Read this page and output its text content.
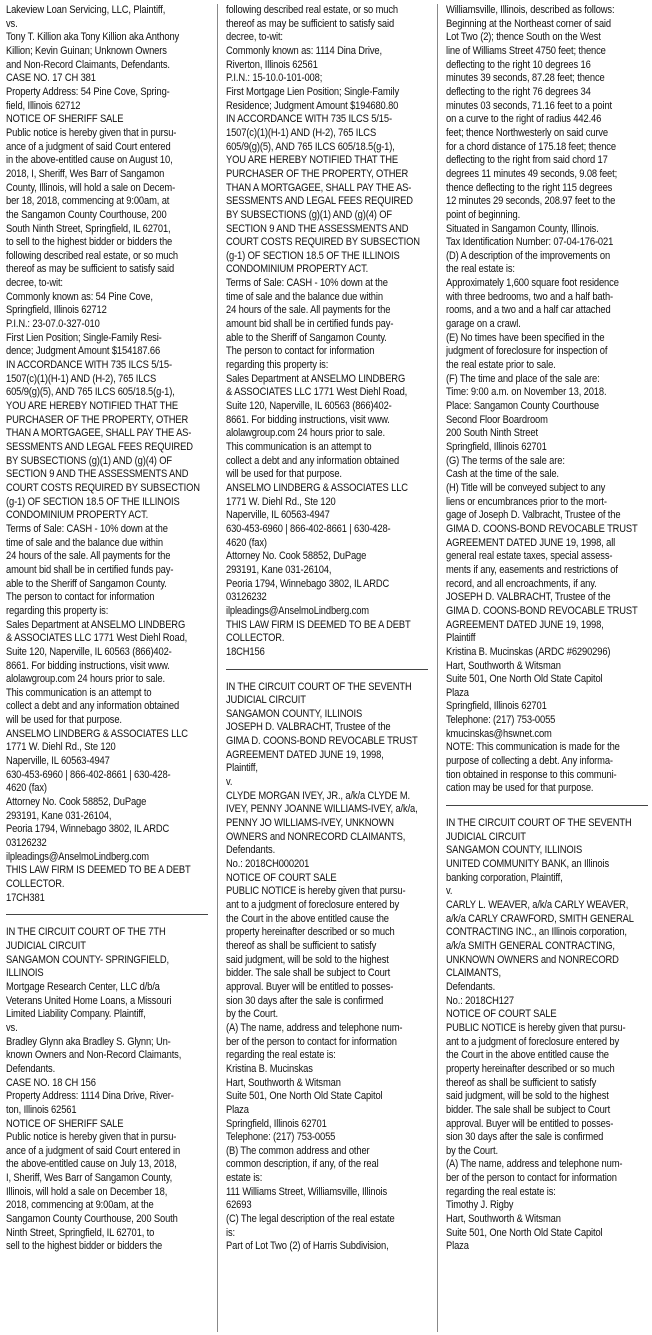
Lakeview Loan Servicing, LLC, Plaintiff,
vs.
Tony T. Killion aka Tony Killion aka Anthony
Killion; Kevin Guinan; Unknown Owners
and Non-Record Claimants, Defendants.
CASE NO. 17 CH 381
Property Address: 54 Pine Cove, Spring-
field, Illinois 62712
NOTICE OF SHERIFF SALE
Public notice is hereby given that in pursu-
ance of a judgment of said Court entered
in the above-entitled cause on August 10,
2018, I, Sheriff, Wes Barr of Sangamon
County, Illinois, will hold a sale on Decem-
ber 18, 2018, commencing at 9:00am, at
the Sangamon County Courthouse, 200
South Ninth Street, Springfield, IL 62701,
to sell to the highest bidder or bidders the
following described real estate, or so much
thereof as may be sufficient to satisfy said
decree, to-wit:
Commonly known as: 54 Pine Cove,
Springfield, Illinois 62712
P.I.N.: 23-07.0-327-010
First Lien Position; Single-Family Resi-
dence; Judgment Amount $154187.66
IN ACCORDANCE WITH 735 ILCS 5/15-
1507(c)(1)(H-1) AND (H-2), 765 ILCS
605/9(g)(5), AND 765 ILCS 605/18.5(g-1),
YOU ARE HEREBY NOTIFIED THAT THE
PURCHASER OF THE PROPERTY, OTHER
THAN A MORTGAGEE, SHALL PAY THE AS-
SESSMENTS AND LEGAL FEES REQUIRED
BY SUBSECTIONS (g)(1) AND (g)(4) OF
SECTION 9 AND THE ASSESSMENTS AND
COURT COSTS REQUIRED BY SUBSECTION
(g-1) OF SECTION 18.5 OF THE ILLINOIS
CONDOMINIUM PROPERTY ACT.
Terms of Sale: CASH - 10% down at the
time of sale and the balance due within
24 hours of the sale. All payments for the
amount bid shall be in certified funds pay-
able to the Sheriff of Sangamon County.
The person to contact for information
regarding this property is:
Sales Department at ANSELMO LINDBERG
& ASSOCIATES LLC 1771 West Diehl Road,
Suite 120, Naperville, IL 60563 (866)402-
8661. For bidding instructions, visit www.
alolawgroup.com 24 hours prior to sale.
This communication is an attempt to
collect a debt and any information obtained
will be used for that purpose.
ANSELMO LINDBERG & ASSOCIATES LLC
1771 W. Diehl Rd., Ste 120
Naperville, IL 60563-4947
630-453-6960 | 866-402-8661 | 630-428-
4620 (fax)
Attorney No. Cook 58852, DuPage
293191, Kane 031-26104,
Peoria 1794, Winnebago 3802, IL ARDC
03126232
ilpleadings@AnselmoLindberg.com
THIS LAW FIRM IS DEEMED TO BE A DEBT
COLLECTOR.
17CH381
IN THE CIRCUIT COURT OF THE 7TH
JUDICIAL CIRCUIT
SANGAMON COUNTY- SPRINGFIELD,
ILLINOIS
Mortgage Research Center, LLC d/b/a
Veterans United Home Loans, a Missouri
Limited Liability Company. Plaintiff,
vs.
Bradley Glynn aka Bradley S. Glynn; Un-
known Owners and Non-Record Claimants,
Defendants.
CASE NO. 18 CH 156
Property Address: 1114 Dina Drive, River-
ton, Illinois 62561
NOTICE OF SHERIFF SALE
Public notice is hereby given that in pursu-
ance of a judgment of said Court entered in
the above-entitled cause on July 13, 2018,
I, Sheriff, Wes Barr of Sangamon County,
Illinois, will hold a sale on December 18,
2018, commencing at 9:00am, at the
Sangamon County Courthouse, 200 South
Ninth Street, Springfield, IL 62701, to
sell to the highest bidder or bidders the
following described real estate, or so much
thereof as may be sufficient to satisfy said
decree, to-wit:
Commonly known as: 1114 Dina Drive,
Riverton, Illinois 62561
P.I.N.: 15-10.0-101-008;
First Mortgage Lien Position; Single-Family
Residence; Judgment Amount $194680.80
IN ACCORDANCE WITH 735 ILCS 5/15-
1507(c)(1)(H-1) AND (H-2), 765 ILCS
605/9(g)(5), AND 765 ILCS 605/18.5(g-1),
YOU ARE HEREBY NOTIFIED THAT THE
PURCHASER OF THE PROPERTY, OTHER
THAN A MORTGAGEE, SHALL PAY THE AS-
SESSMENTS AND LEGAL FEES REQUIRED
BY SUBSECTIONS (g)(1) AND (g)(4) OF
SECTION 9 AND THE ASSESSMENTS AND
COURT COSTS REQUIRED BY SUBSECTION
(g-1) OF SECTION 18.5 OF THE ILLINOIS
CONDOMINIUM PROPERTY ACT.
Terms of Sale: CASH - 10% down at the
time of sale and the balance due within
24 hours of the sale. All payments for the
amount bid shall be in certified funds pay-
able to the Sheriff of Sangamon County.
The person to contact for information
regarding this property is:
Sales Department at ANSELMO LINDBERG
& ASSOCIATES LLC 1771 West Diehl Road,
Suite 120, Naperville, IL 60563 (866)402-
8661. For bidding instructions, visit www.
alolawgroup.com 24 hours prior to sale.
This communication is an attempt to
collect a debt and any information obtained
will be used for that purpose.
ANSELMO LINDBERG & ASSOCIATES LLC
1771 W. Diehl Rd., Ste 120
Naperville, IL 60563-4947
630-453-6960 | 866-402-8661 | 630-428-
4620 (fax)
Attorney No. Cook 58852, DuPage
293191, Kane 031-26104,
Peoria 1794, Winnebago 3802, IL ARDC
03126232
ilpleadings@AnselmoLindberg.com
THIS LAW FIRM IS DEEMED TO BE A DEBT
COLLECTOR.
18CH156
IN THE CIRCUIT COURT OF THE SEVENTH
JUDICIAL CIRCUIT
SANGAMON COUNTY, ILLINOIS
JOSEPH D. VALBRACHT, Trustee of the
GIMA D. COONS-BOND REVOCABLE TRUST
AGREEMENT DATED JUNE 19, 1998,
Plaintiff,
v.
CLYDE MORGAN IVEY, JR., a/k/a CLYDE M.
IVEY, PENNY JOANNE WILLIAMS-IVEY, a/k/a,
PENNY JO WILLIAMS-IVEY, UNKNOWN
OWNERS and NONRECORD CLAIMANTS,
Defendants.
No.: 2018CH000201
NOTICE OF COURT SALE
PUBLIC NOTICE is hereby given that pursu-
ant to a judgment of foreclosure entered by
the Court in the above entitled cause the
property hereinafter described or so much
thereof as shall be sufficient to satisfy
said judgment, will be sold to the highest
bidder. The sale shall be subject to Court
approval. Buyer will be entitled to posses-
sion 30 days after the sale is confirmed
by the Court.
(A) The name, address and telephone num-
ber of the person to contact for information
regarding the real estate is:
Kristina B. Mucinskas
Hart, Southworth & Witsman
Suite 501, One North Old State Capitol
Plaza
Springfield, Illinois 62701
Telephone: (217) 753-0055
(B) The common address and other
common description, if any, of the real
estate is:
111 Williams Street, Williamsville, Illinois
62693
(C) The legal description of the real estate
is:
Part of Lot Two (2) of Harris Subdivision,
Williamsville, Illinois, described as follows:
Beginning at the Northeast corner of said
Lot Two (2); thence South on the West
line of Williams Street 4750 feet; thence
deflecting to the right 10 degrees 16
minutes 39 seconds, 87.28 feet; thence
deflecting to the right 76 degrees 34
minutes 03 seconds, 71.16 feet to a point
on a curve to the right of radius 442.46
feet; thence Northwesterly on said curve
for a chord distance of 175.18 feet; thence
deflecting to the right from said chord 17
degrees 11 minutes 49 seconds, 9.08 feet;
thence deflecting to the right 115 degrees
12 minutes 29 seconds, 208.97 feet to the
point of beginning.
Situated in Sangamon County, Illinois.
Tax Identification Number: 07-04-176-021
(D) A description of the improvements on
the real estate is:
Approximately 1,600 square foot residence
with three bedrooms, two and a half bath-
rooms, and a two and a half car attached
garage on a crawl.
(E) No times have been specified in the
judgment of foreclosure for inspection of
the real estate prior to sale.
(F) The time and place of the sale are:
Time: 9:00 a.m. on November 13, 2018.
Place: Sangamon County Courthouse
Second Floor Boardroom
200 South Ninth Street
Springfield, Illinois 62701
(G) The terms of the sale are:
Cash at the time of the sale.
(H) Title will be conveyed subject to any
liens or encumbrances prior to the mort-
gage of Joseph D. Valbracht, Trustee of the
GIMA D. COONS-BOND REVOCABLE TRUST
AGREEMENT DATED JUNE 19, 1998, all
general real estate taxes, special assess-
ments if any, easements and restrictions of
record, and all encroachments, if any.
JOSEPH D. VALBRACHT, Trustee of the
GIMA D. COONS-BOND REVOCABLE TRUST
AGREEMENT DATED JUNE 19, 1998,
Plaintiff
Kristina B. Mucinskas (ARDC #6290296)
Hart, Southworth & Witsman
Suite 501, One North Old State Capitol
Plaza
Springfield, Illinois 62701
Telephone: (217) 753-0055
kmucinskas@hswnet.com
NOTE: This communication is made for the
purpose of collecting a debt. Any informa-
tion obtained in response to this communi-
cation may be used for that purpose.
IN THE CIRCUIT COURT OF THE SEVENTH
JUDICIAL CIRCUIT
SANGAMON COUNTY, ILLINOIS
UNITED COMMUNITY BANK, an Illinois
banking corporation, Plaintiff,
v.
CARLY L. WEAVER, a/k/a CARLY WEAVER,
a/k/a CARLY CRAWFORD, SMITH GENERAL
CONTRACTING INC., an Illinois corporation,
a/k/a SMITH GENERAL CONTRACTING,
UNKNOWN OWNERS and NONRECORD
CLAIMANTS,
Defendants.
No.: 2018CH127
NOTICE OF COURT SALE
PUBLIC NOTICE is hereby given that pursu-
ant to a judgment of foreclosure entered by
the Court in the above entitled cause the
property hereinafter described or so much
thereof as shall be sufficient to satisfy
said judgment, will be sold to the highest
bidder. The sale shall be subject to Court
approval. Buyer will be entitled to posses-
sion 30 days after the sale is confirmed
by the Court.
(A) The name, address and telephone num-
ber of the person to contact for information
regarding the real estate is:
Timothy J. Rigby
Hart, Southworth & Witsman
Suite 501, One North Old State Capitol
Plaza
